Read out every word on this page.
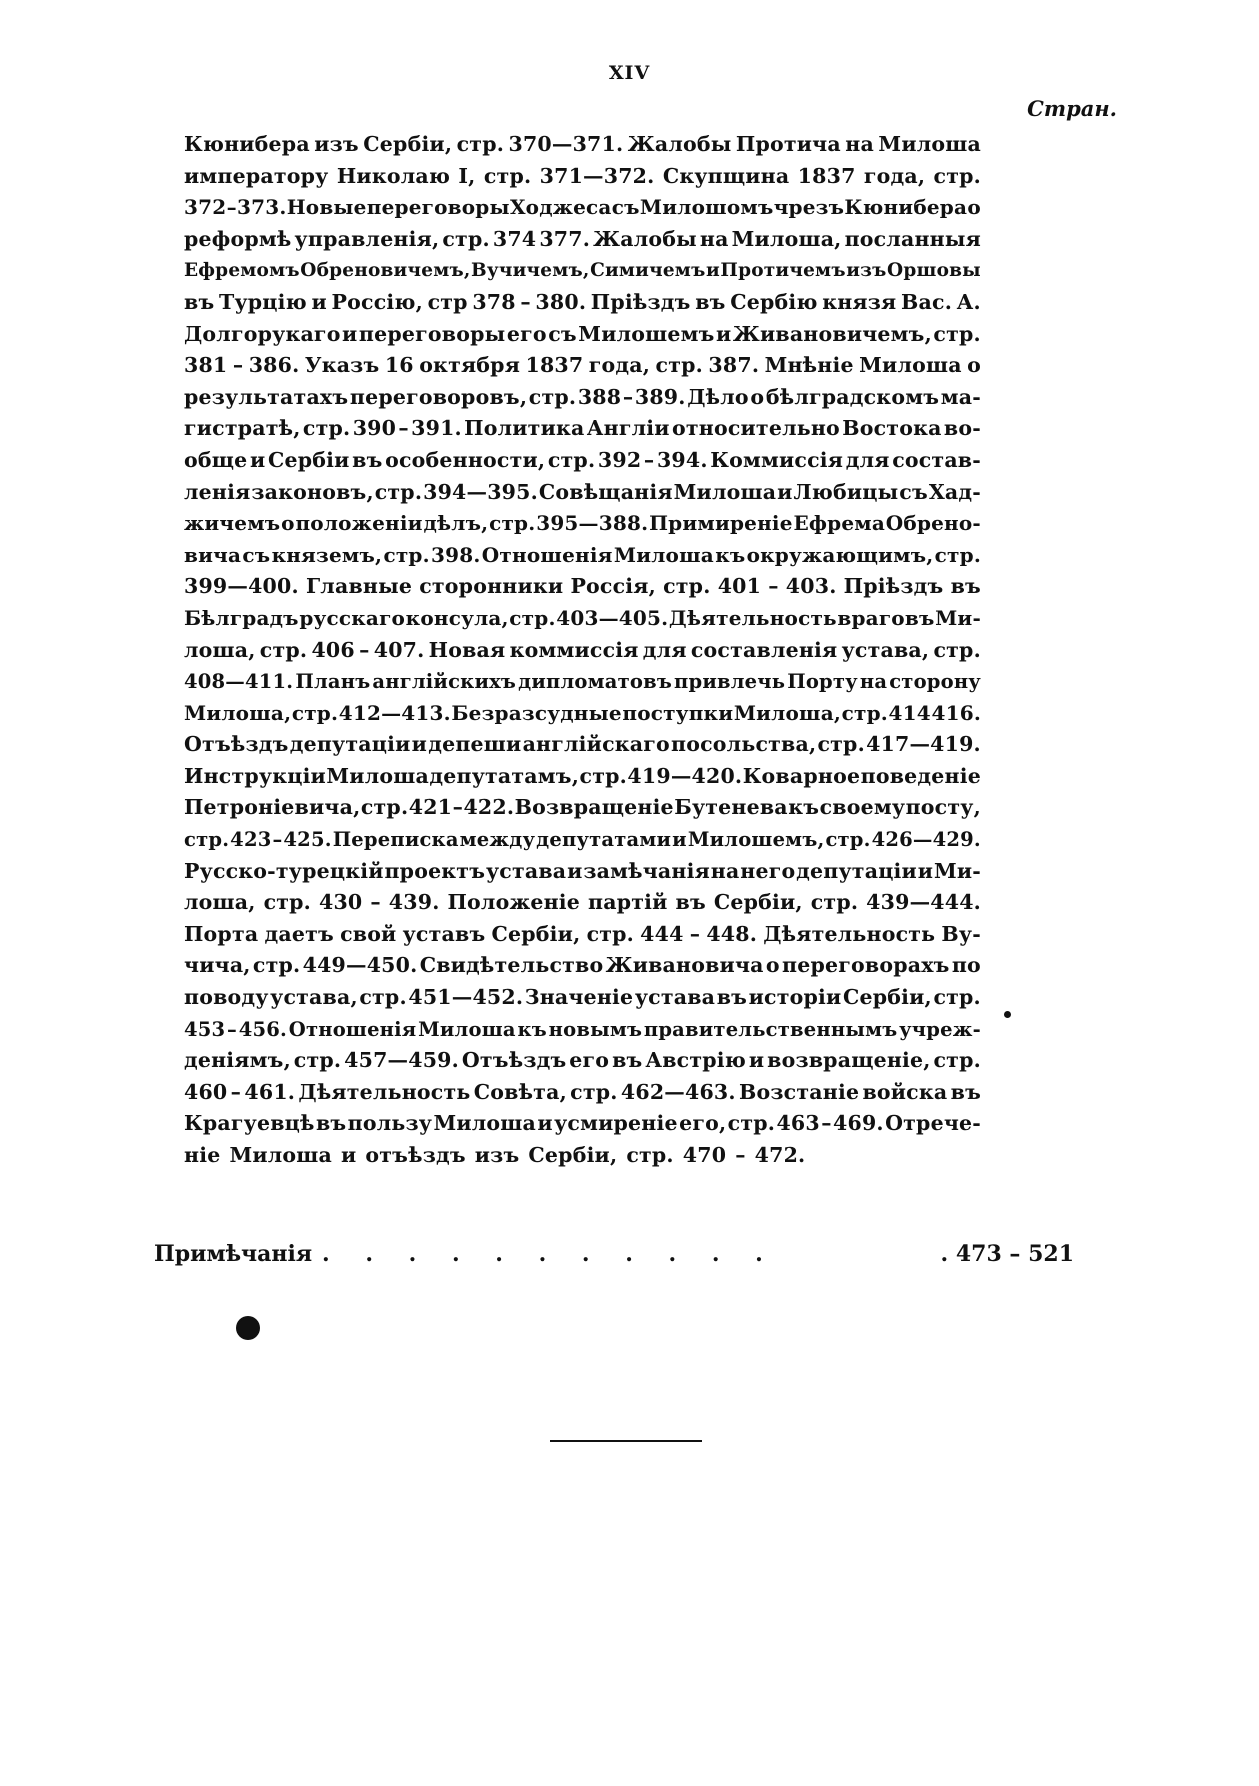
XIV
Стран.
Кюнибера изъ Сербіи, стр. 370—371. Жалобы Протича на Милоша
императору Николаю I, стр. 371—372. Скупщина 1837 года, стр.
372 – 373. Новые переговоры Ходжеса съ Милошомъ чрезъ Кюнибера о
реформѣ управленія, стр. 374 377. Жалобы на Милоша, посланныя
Ефремомъ Обреновичемъ, Вучичемъ, Симичемъ и Протичемъ изъ Оршовы
въ Турцію и Россію, стр 378 – 380. Пріѣздъ въ Сербію князя Вас. А.
Долгорукаго и переговоры его съ Милошемъ и Живановичемъ, стр.
381 – 386. Указъ 16 октября 1837 года, стр. 387. Мнѣніе Милоша о
результатахъ переговоровъ, стр. 388 – 389. Дѣло о бѣлградскомъ ма-
гистратѣ, стр. 390 – 391. Политика Англіи относительно Востока во-
обще и Сербіи въ особенности, стр. 392 – 394. Коммиссія для состав-
ленія законовъ, стр. 394—395. Совѣщанія Милоша и Любицы съ Хад-
жичемъ о положеніи дѣлъ, стр. 395—388. Примиреніе Ефрема Обрено-
вича съ княземъ, стр. 398. Отношенія Милоша къ окружающимъ, стр.
399—400. Главные сторонники Россія, стр. 401 – 403. Пріѣздъ въ
Бѣлградъ русскаго консула, стр. 403—405. Дѣятельность враговъ Ми-
лоша, стр. 406 – 407. Новая коммиссія для составленія устава, стр.
408—411. Планъ англійскихъ дипломатовъ привлечь Порту на сторону
Милоша, стр. 412—413. Безразсудные поступки Милоша, стр. 414 416.
Отъѣздъ депутаціи и депеши англійскаго посольства, стр. 417—419.
Инструкціи Милоша депутатамъ, стр. 419—420. Коварное поведеніе
Петроніевича, стр. 421 – 422. Возвращеніе Бутенева къ своему посту,
стр. 423 – 425. Переписка между депутатами и Милошемъ, стр. 426—429.
Русско-турецкій проектъ устава и замѣчанія на него депутаціи и Ми-
лоша, стр. 430 – 439. Положеніе партій въ Сербіи, стр. 439—444.
Порта даетъ свой уставъ Сербіи, стр. 444 – 448. Дѣятельность Ву-
чича, стр. 449—450. Свидѣтельство Живановича о переговорахъ по
поводу устава, стр. 451—452. Значеніе устава въ исторіи Сербіи, стр.
453 – 456. Отношенія Милоша къ новымъ правительственнымъ учреж-
деніямъ, стр. 457—459. Отъѣздъ его въ Австрію и возвращеніе, стр.
460 – 461. Дѣятельность Совѣта, стр. 462—463. Возстаніе войска въ
Крагуевцѣ въ пользу Милоша и усмиреніе его, стр. 463 – 469. Отрече-
ніе Милоша и отъѣздъ изъ Сербіи, стр. 470 – 472.
Примѣчанія . . . . . . . . . . .	. 473 – 521
